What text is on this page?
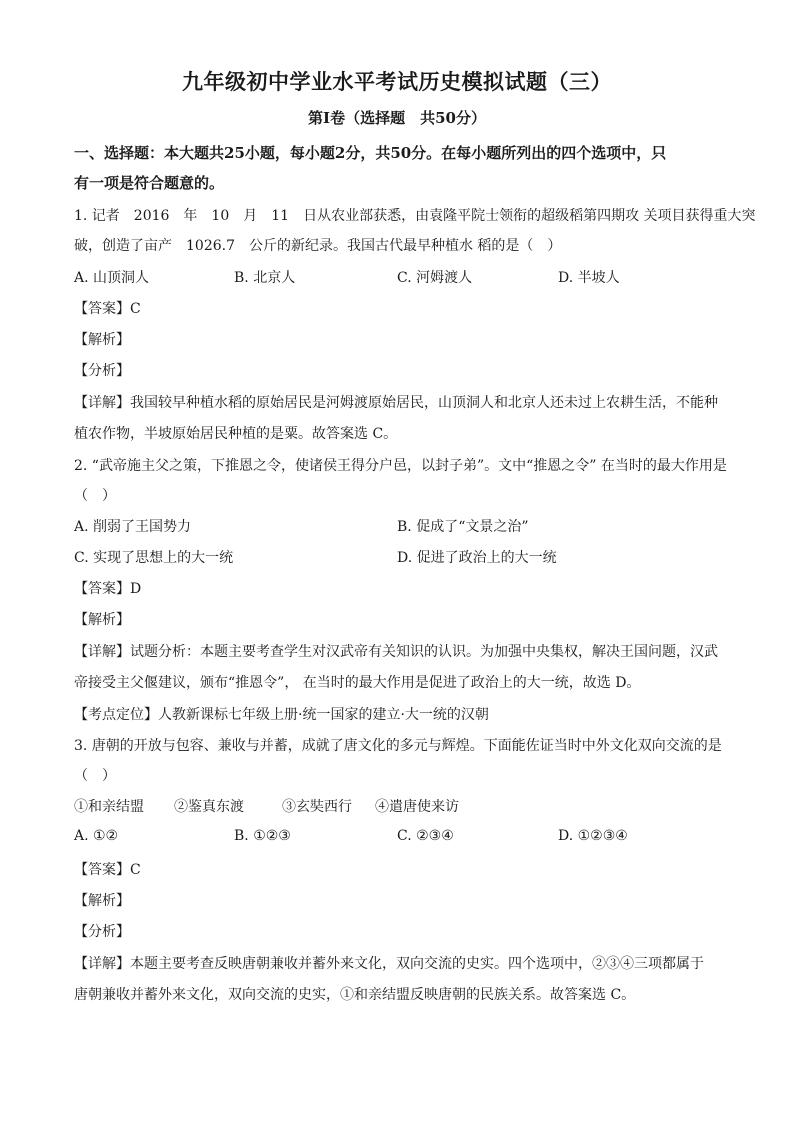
九年级初中学业水平考试历史模拟试题（三）
第Ⅰ卷（选择题　共50分）
一、选择题：本大题共25小题，每小题2分，共50分。在每小题所列出的四个选项中，只
有一项是符合题意的。
1. 记者　2016　年　10　月　11　日从农业部获悉，由袁隆平院士领衔的超级稻第四期攻 关项目获得重大突
破，创造了亩产　1026.7　公斤的新纪录。我国古代最早种植水 稻的是（　）
A. 山顶洞人	B. 北京人	C. 河姆渡人	D. 半坡人
【答案】C
【解析】
【分析】
【详解】我国较早种植水稻的原始居民是河姆渡原始居民，山顶洞人和北京人还未过上农耕生活，不能种
植农作物，半坡原始居民种植的是粟。故答案选 C。
2. “武帝施主父之策，下推恩之令，使诸侯王得分户邑，以封子弟”。文中“推恩之令” 在当时的最大作用是
（　）
A. 削弱了王国势力	B. 促成了“文景之治”
C. 实现了思想上的大一统	D. 促进了政治上的大一统
【答案】D
【解析】
【详解】试题分析：本题主要考查学生对汉武帝有关知识的认识。为加强中央集权，解决王国问题，汉武
帝接受主父偃建议，颁布“推恩令”， 在当时的最大作用是促进了政治上的大一统，故选 D。
【考点定位】人教新课标七年级上册·统一国家的建立·大一统的汉朝
3. 唐朝的开放与包容、兼收与并蓄，成就了唐文化的多元与辉煌。下面能佐证当时中外文化双向交流的是
（　）
①和亲结盟 ②鉴真东渡	③玄奘西行 ④遣唐使来访
A. ①②	B. ①②③	C. ②③④	D. ①②③④
【答案】C
【解析】
【分析】
【详解】本题主要考查反映唐朝兼收并蓄外来文化，双向交流的史实。四个选项中，②③④三项都属于
唐朝兼收并蓄外来文化，双向交流的史实，①和亲结盟反映唐朝的民族关系。故答案选 C。
